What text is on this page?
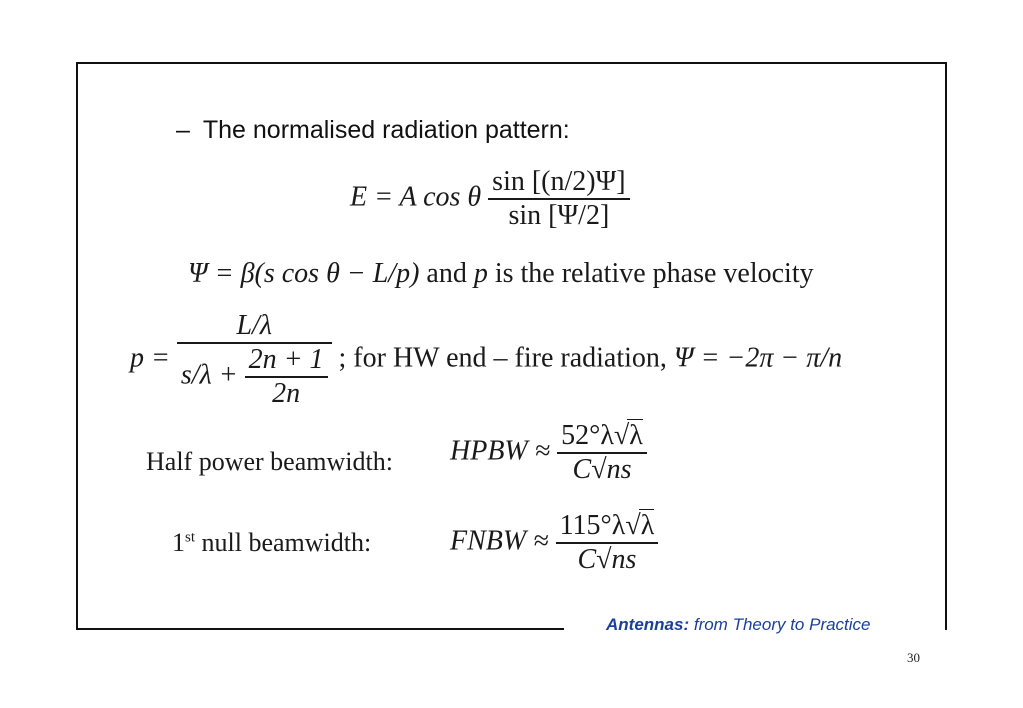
– The normalised radiation pattern:
E = A cos θ $\frac{\sin [(n/2)\Psi]}{\sin [\Psi/2]}$
Ψ = β(s cos θ − L/p) and p is the relative phase velocity
$p = \frac{L/\lambda}{s/\lambda + \frac{2n + 1}{2n}}$ ; for HW end – fire radiation, Ψ = −2π − π/n
Half power beamwidth: HPBW ≈ $\frac{52^\circ\lambda√\lambda}{C√ns}$
1st null beamwidth:	FNBW ≈ $\frac{115^\circ\lambda√\lambda}{C√ns}$
Antennas: from Theory to Practice
30
